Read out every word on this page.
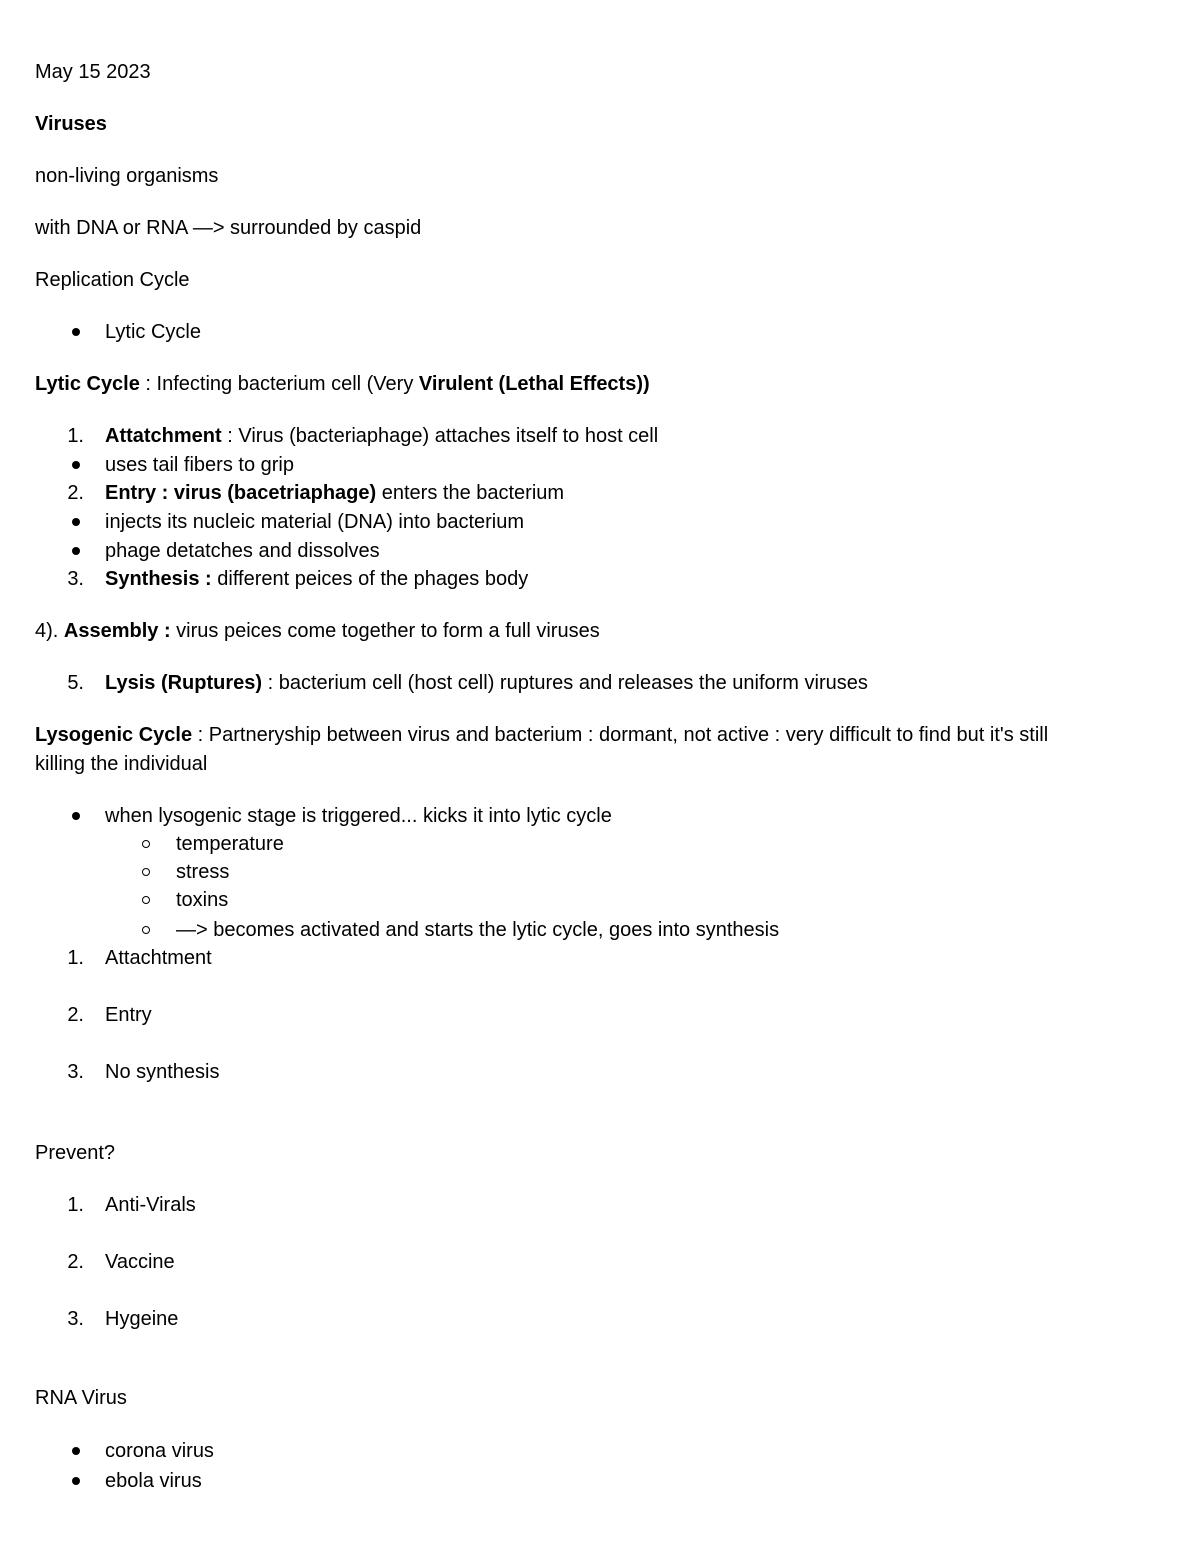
May 15 2023
Viruses
non-living organisms
with DNA or RNA —> surrounded by caspid
Replication Cycle
Lytic Cycle
Lytic Cycle : Infecting bacterium cell (Very Virulent (Lethal Effects))
1. Attatchment : Virus (bacteriaphage) attaches itself to host cell
uses tail fibers to grip
2. Entry : virus (bacetriaphage) enters the bacterium
injects its nucleic material (DNA) into bacterium
phage detatches and dissolves
3. Synthesis : different peices of the phages body
4). Assembly : virus peices come together to form a full viruses
5. Lysis (Ruptures) : bacterium cell (host cell) ruptures and releases the uniform viruses
Lysogenic Cycle : Partneryship between virus and bacterium : dormant, not active : very difficult to find but it's still
killing the individual
when lysogenic stage is triggered... kicks it into lytic cycle
temperature
stress
toxins
—> becomes activated and starts the lytic cycle, goes into synthesis
1. Attachtment
2. Entry
3. No synthesis
Prevent?
1. Anti-Virals
2. Vaccine
3. Hygeine
RNA Virus
corona virus
ebola virus
